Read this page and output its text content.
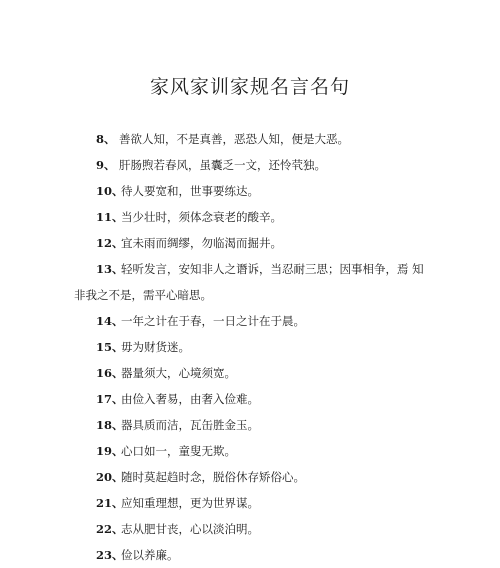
家风家训家规名言名句
8、 善欲人知，不是真善，恶恐人知，便是大恶。
9、 肝肠煦若春风，虽囊乏一文，还怜茕独。
10、
待人要宽和，世事要练达。
11、
当少壮时，须体念衰老的酸辛。
12、
宜未雨而绸缪，勿临渴而掘井。
13、
轻听发言，安知非人之谮诉，当忍耐三思；因事相争，焉 知
非我之不是，需平心暗思。
14、
一年之计在于春，一日之计在于晨。
15、
毋为财货迷。
16、
器量须大，心境须宽。
17、
由俭入奢易，由奢入俭难。
18、
器具质而洁，瓦缶胜金玉。
19、
心口如一，童叟无欺。
20、
随时莫起趋时念，脱俗休存矫俗心。
21、
应知重理想，更为世界谋。
22、
志从肥甘丧，心以淡泊明。
23、
俭以养廉。
